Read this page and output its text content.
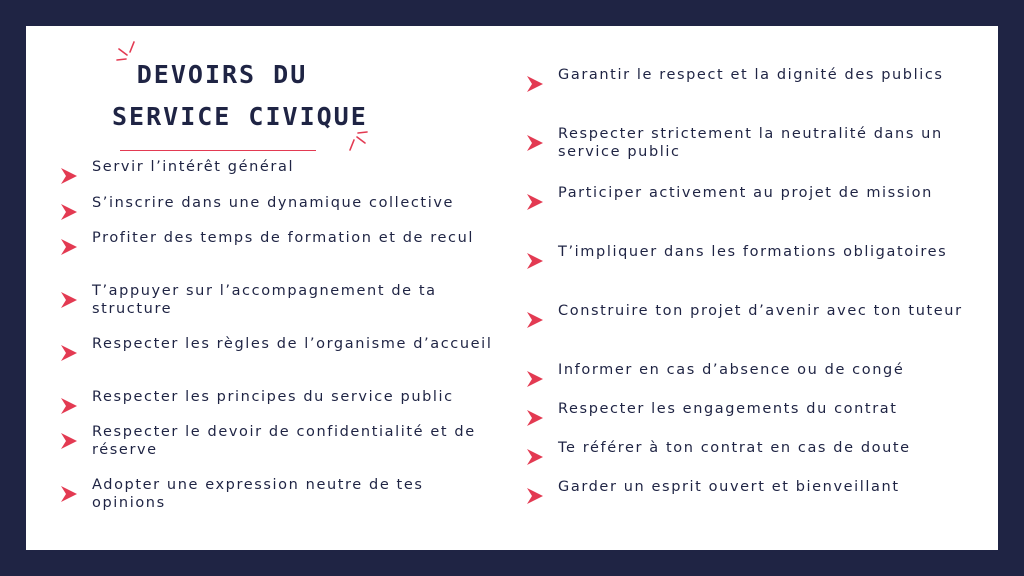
DEVOIRS DU
SERVICE CIVIQUE
Servir l’intérêt général
S’inscrire dans une dynamique collective
Profiter des temps de formation et de recul
T’appuyer sur l’accompagnement de ta structure
Respecter les règles de l’organisme d’accueil
Respecter les principes du service public
Respecter le devoir de confidentialité et de réserve
Adopter une expression neutre de tes opinions
Garantir le respect et la dignité des publics
Respecter strictement la neutralité dans un service public
Participer activement au projet de mission
T’impliquer dans les formations obligatoires
Construire ton projet d’avenir avec ton tuteur
Informer en cas d’absence ou de congé
Respecter les engagements du contrat
Te référer à ton contrat en cas de doute
Garder un esprit ouvert et bienveillant
